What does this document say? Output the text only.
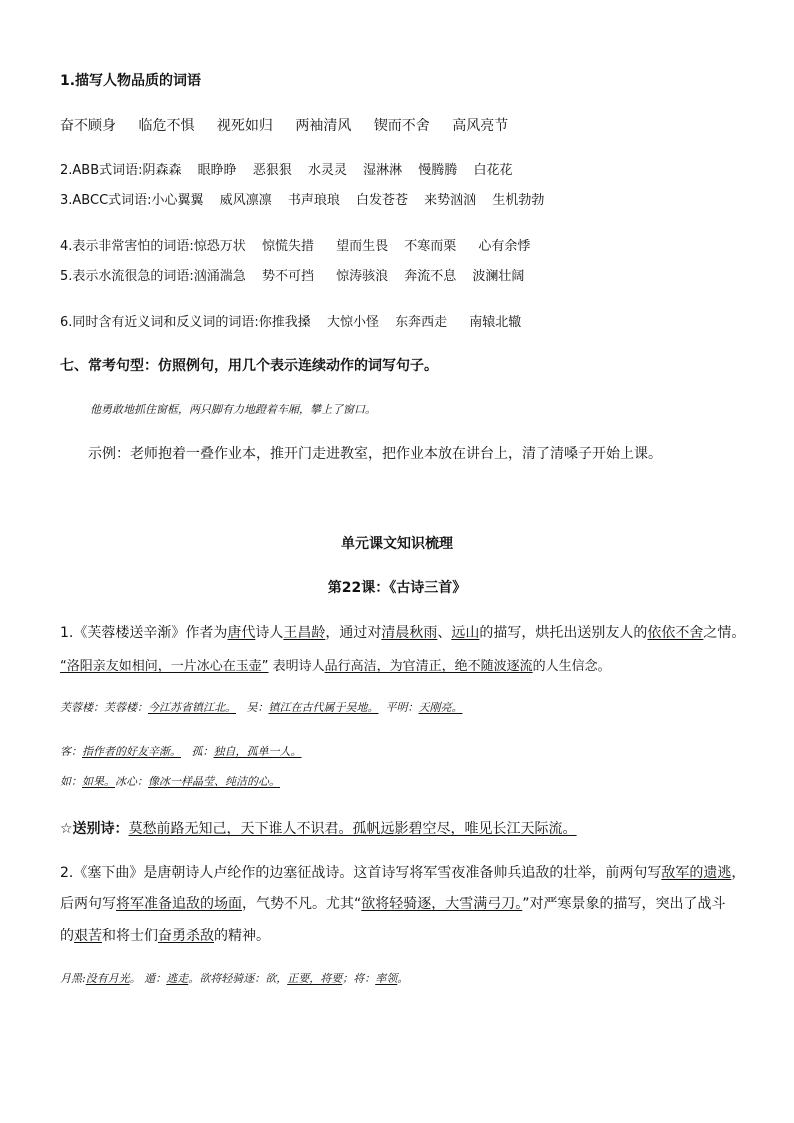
1.描写人物品质的词语
奋不顾身 临危不惧 视死如归 两袖清风 锲而不舍 高风亮节
2.ABB式词语:阴森森 眼睁睁 恶狠狠 水灵灵 湿淋淋 慢腾腾 白花花
3.ABCC式词语:小心翼翼 威风凛凛 书声琅琅 白发苍苍 来势汹汹 生机勃勃
4.表示非常害怕的词语:惊恐万状 惊慌失措 望而生畏 不寒而栗 心有余悸
5.表示水流很急的词语:汹涌湍急 势不可挡 惊涛骇浪 奔流不息 波澜壮阔
6.同时含有近义词和反义词的词语:你推我搡 大惊小怪 东奔西走 南辕北辙
七、常考句型：仿照例句，用几个表示连续动作的词写句子。
他勇敢地抓住窗框，两只脚有力地蹬着车厢，攀上了窗口。
示例：老师抱着一叠作业本，推开门走进教室，把作业本放在讲台上，清了清嗓子开始上课。
单元课文知识梳理
第22课：《古诗三首》
1.《芙蓉楼送辛渐》作者为唐代诗人王昌龄，通过对清晨秋雨、远山的描写，烘托出送别友人的依依不舍之情。
“洛阳亲友如相问，一片冰心在玉壶” 表明诗人品行高洁，为官清正，绝不随波逐流的人生信念。
芙蓉楼：芙蓉楼：今江苏省镇江北。 吴：镇江在古代属于吴地。 平明：天刚亮。
客：指作者的好友辛渐。 孤：独自，孤单一人。
如：如果。冰心：像冰一样晶莹、纯洁的心。
☆送别诗：莫愁前路无知己，天下谁人不识君。孤帆远影碧空尽，唯见长江天际流。
2.《塞下曲》是唐朝诗人卢纶作的边塞征战诗。这首诗写将军雪夜准备帅兵追敌的壮举，前两句写敌军的遗逃，
后两句写将军准备追敌的场面，气势不凡。尤其“欲将轻骑逐，大雪满弓刀。”对严寒景象的描写，突出了战斗
的艰苦和将士们奋勇杀敌的精神。
月黑:没有月光。 遁：逃走。欲将轻骑逐：欲，正要，将要；将：率领。
